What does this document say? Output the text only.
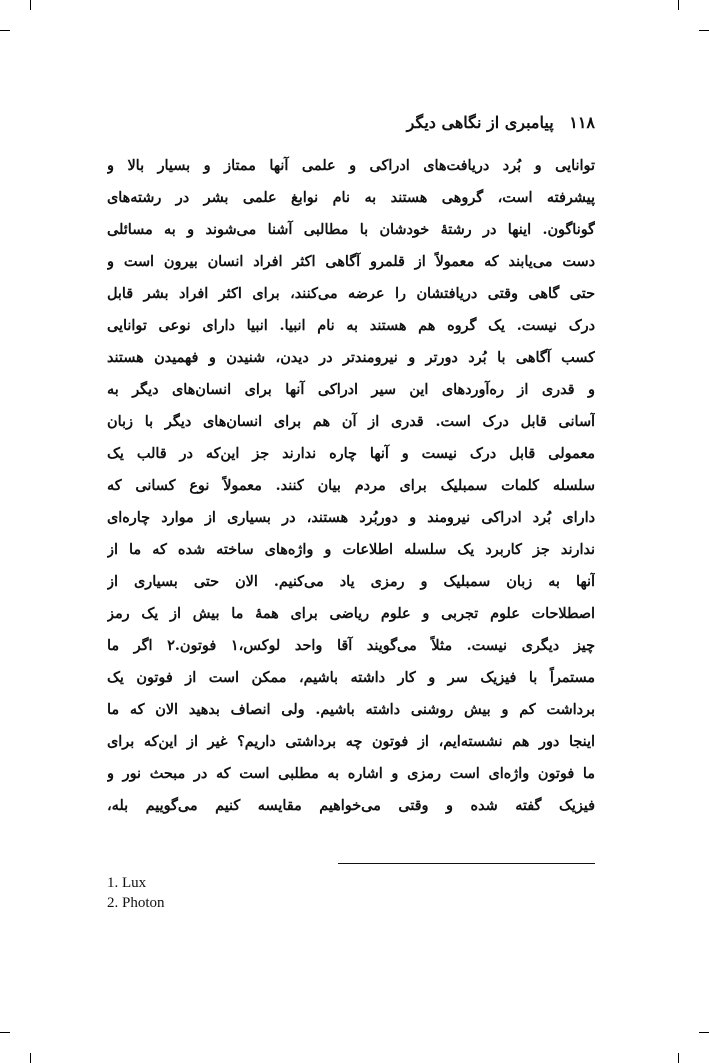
۱۱۸ پیامبری از نگاهی دیگر
توانایی و بُرد دریافت‌های ادراکی و علمی آنها ممتاز و بسیار بالا و
پیشرفته است، گروهی هستند به نام نوابغ علمی بشر در رشته‌های
گوناگون. اینها در رشتهٔ خودشان با مطالبی آشنا می‌شوند و به مسائلی
دست می‌یابند که معمولاً از قلمرو آگاهی اکثر افراد انسان بیرون است و
حتی گاهی وقتی دریافتشان را عرضه می‌کنند، برای اکثر افراد بشر قابل
درک نیست. یک گروه هم هستند به نام انبیا. انبیا دارای نوعی توانایی
کسب آگاهی با بُرد دورتر و نیرومندتر در دیدن، شنیدن و فهمیدن هستند
و قدری از ره‌آوردهای این سیر ادراکی آنها برای انسان‌های دیگر به
آسانی قابل درک است. قدری از آن هم برای انسان‌های دیگر با زبان
معمولی قابل درک نیست و آنها چاره ندارند جز این‌که در قالب یک
سلسله کلمات سمبلیک برای مردم بیان کنند. معمولاً نوع کسانی که
دارای بُرد ادراکی نیرومند و دوربُرد هستند، در بسیاری از موارد چاره‌ای
ندارند جز کاربرد یک سلسله اطلاعات و واژه‌های ساخته شده که ما از
آنها به زبان سمبلیک و رمزی یاد می‌کنیم. الان حتی بسیاری از
اصطلاحات علوم تجربی و علوم ریاضی برای همهٔ ما بیش از یک رمز
چیز دیگری نیست. مثلاً می‌گویند آقا واحد لوکس،۱ فوتون.۲ اگر ما
مستمراً با فیزیک سر و کار داشته باشیم، ممکن است از فوتون یک
برداشت کم و بیش روشنی داشته باشیم. ولی انصاف بدهید الان که ما
اینجا دور هم نشسته‌ایم، از فوتون چه برداشتی داریم؟ غیر از این‌که برای
ما فوتون واژه‌ای است رمزی و اشاره به مطلبی است که در مبحث نور و
فیزیک گفته شده و وقتی می‌خواهیم مقایسه کنیم می‌گوییم بله،
1. Lux
2. Photon
